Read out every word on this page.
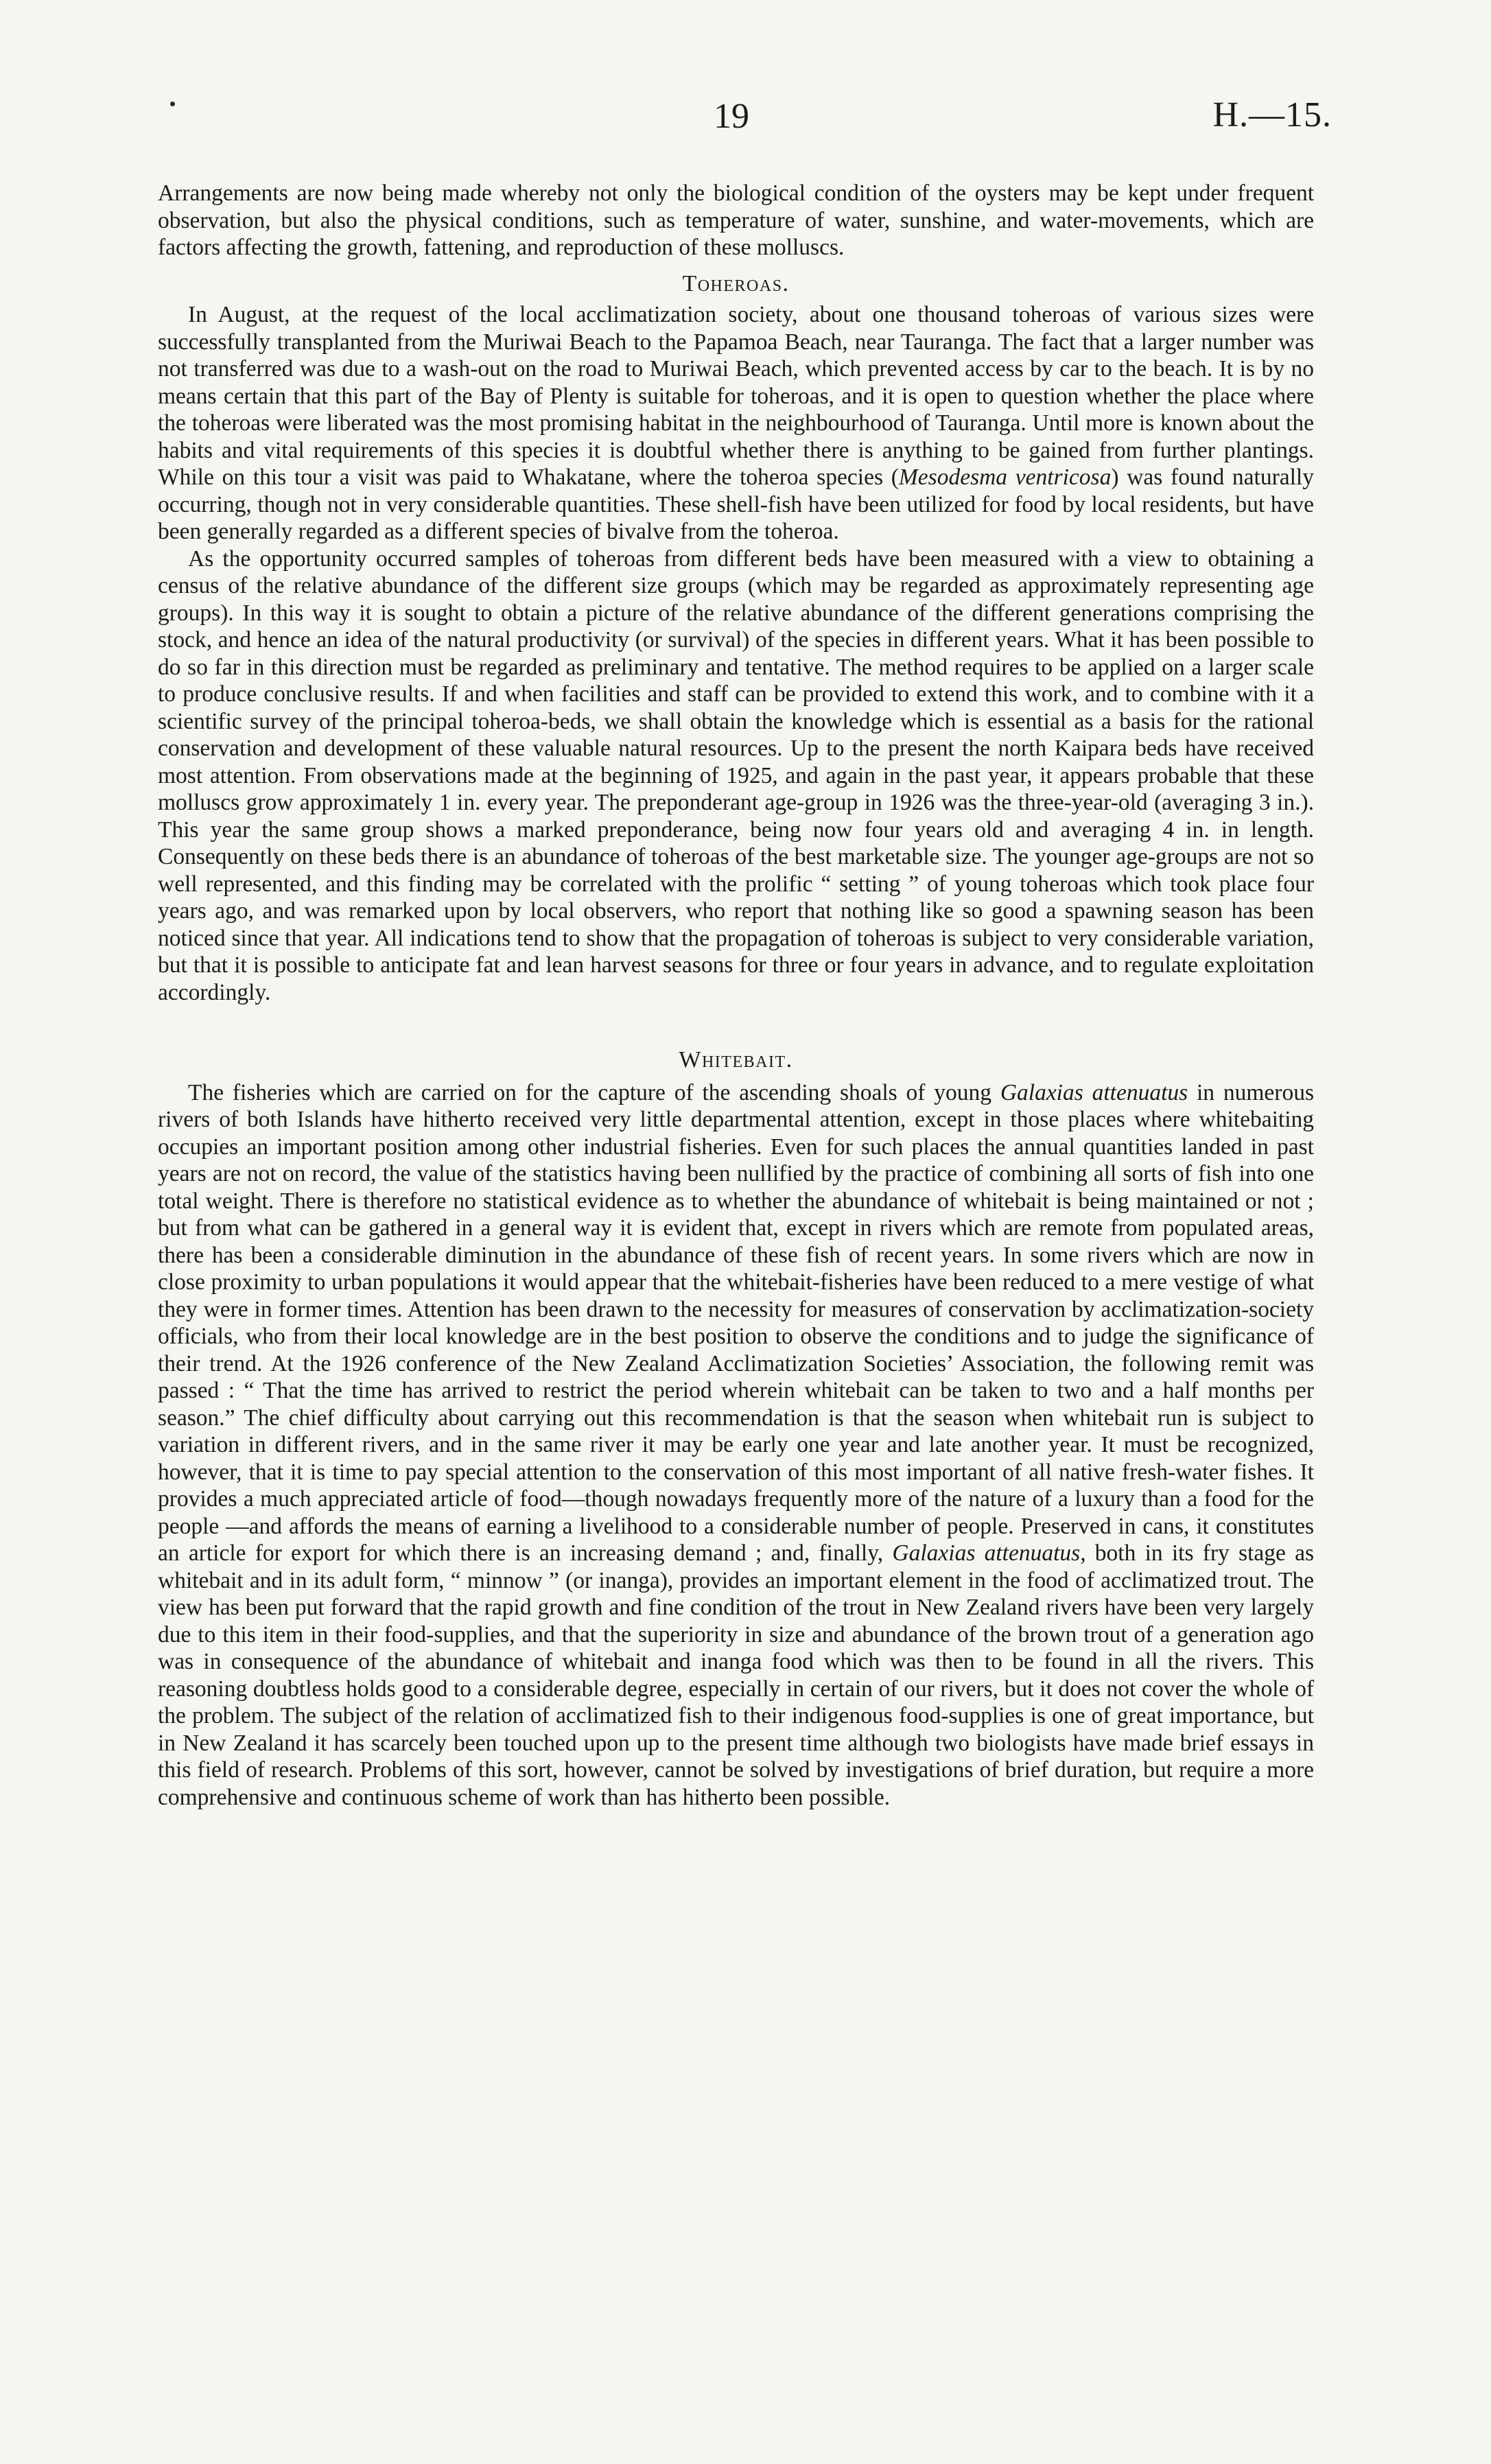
19	H.—15.

Arrangements are now being made whereby not only the biological condition of the oysters may be kept under frequent observation, but also the physical conditions, such as temperature of water, sunshine, and water-movements, which are factors affecting the growth, fattening, and reproduction of these molluscs.

Toheroas.

In August, at the request of the local acclimatization society, about one thousand toheroas of various sizes were successfully transplanted from the Muriwai Beach to the Papamoa Beach, near Tauranga. The fact that a larger number was not transferred was due to a wash-out on the road to Muriwai Beach, which prevented access by car to the beach. It is by no means certain that this part of the Bay of Plenty is suitable for toheroas, and it is open to question whether the place where the toheroas were liberated was the most promising habitat in the neighbourhood of Tauranga. Until more is known about the habits and vital requirements of this species it is doubtful whether there is anything to be gained from further plantings. While on this tour a visit was paid to Whakatane, where the toheroa species (Mesodesma ventricosa) was found naturally occurring, though not in very considerable quantities. These shell-fish have been utilized for food by local residents, but have been generally regarded as a different species of bivalve from the toheroa.

As the opportunity occurred samples of toheroas from different beds have been measured with a view to obtaining a census of the relative abundance of the different size groups (which may be regarded as approximately representing age groups). In this way it is sought to obtain a picture of the relative abundance of the different generations comprising the stock, and hence an idea of the natural productivity (or survival) of the species in different years. What it has been possible to do so far in this direction must be regarded as preliminary and tentative. The method requires to be applied on a larger scale to produce conclusive results. If and when facilities and staff can be provided to extend this work, and to combine with it a scientific survey of the principal toheroa-beds, we shall obtain the knowledge which is essential as a basis for the rational conservation and development of these valuable natural resources. Up to the present the north Kaipara beds have received most attention. From observations made at the beginning of 1925, and again in the past year, it appears probable that these molluscs grow approximately 1 in. every year. The preponderant age-group in 1926 was the three-year-old (averaging 3 in.). This year the same group shows a marked preponderance, being now four years old and averaging 4 in. in length. Consequently on these beds there is an abundance of toheroas of the best marketable size. The younger age-groups are not so well represented, and this finding may be correlated with the prolific “ setting ” of young toheroas which took place four years ago, and was remarked upon by local observers, who report that nothing like so good a spawning season has been noticed since that year. All indications tend to show that the propagation of toheroas is subject to very considerable variation, but that it is possible to anticipate fat and lean harvest seasons for three or four years in advance, and to regulate exploitation accordingly.

Whitebait.

The fisheries which are carried on for the capture of the ascending shoals of young Galaxias attenuatus in numerous rivers of both Islands have hitherto received very little departmental attention, except in those places where whitebaiting occupies an important position among other industrial fisheries. Even for such places the annual quantities landed in past years are not on record, the value of the statistics having been nullified by the practice of combining all sorts of fish into one total weight. There is therefore no statistical evidence as to whether the abundance of whitebait is being maintained or not ; but from what can be gathered in a general way it is evident that, except in rivers which are remote from populated areas, there has been a considerable diminution in the abundance of these fish of recent years. In some rivers which are now in close proximity to urban populations it would appear that the whitebait-fisheries have been reduced to a mere vestige of what they were in former times. Attention has been drawn to the necessity for measures of conservation by acclimatization-society officials, who from their local knowledge are in the best position to observe the conditions and to judge the significance of their trend. At the 1926 conference of the New Zealand Acclimatization Societies’ Association, the following remit was passed : “ That the time has arrived to restrict the period wherein whitebait can be taken to two and a half months per season.” The chief difficulty about carrying out this recommendation is that the season when whitebait run is subject to variation in different rivers, and in the same river it may be early one year and late another year. It must be recognized, however, that it is time to pay special attention to the conservation of this most important of all native fresh-water fishes. It provides a much appreciated article of food—though nowadays frequently more of the nature of a luxury than a food for the people —and affords the means of earning a livelihood to a considerable number of people. Preserved in cans, it constitutes an article for export for which there is an increasing demand ; and, finally, Galaxias attenuatus, both in its fry stage as whitebait and in its adult form, “ minnow ” (or inanga), provides an important element in the food of acclimatized trout. The view has been put forward that the rapid growth and fine condition of the trout in New Zealand rivers have been very largely due to this item in their food-supplies, and that the superiority in size and abundance of the brown trout of a generation ago was in consequence of the abundance of whitebait and inanga food which was then to be found in all the rivers. This reasoning doubtless holds good to a considerable degree, especially in certain of our rivers, but it does not cover the whole of the problem. The subject of the relation of acclimatized fish to their indigenous food-supplies is one of great importance, but in New Zealand it has scarcely been touched upon up to the present time although two biologists have made brief essays in this field of research. Problems of this sort, however, cannot be solved by investigations of brief duration, but require a more comprehensive and continuous scheme of work than has hitherto been possible.
